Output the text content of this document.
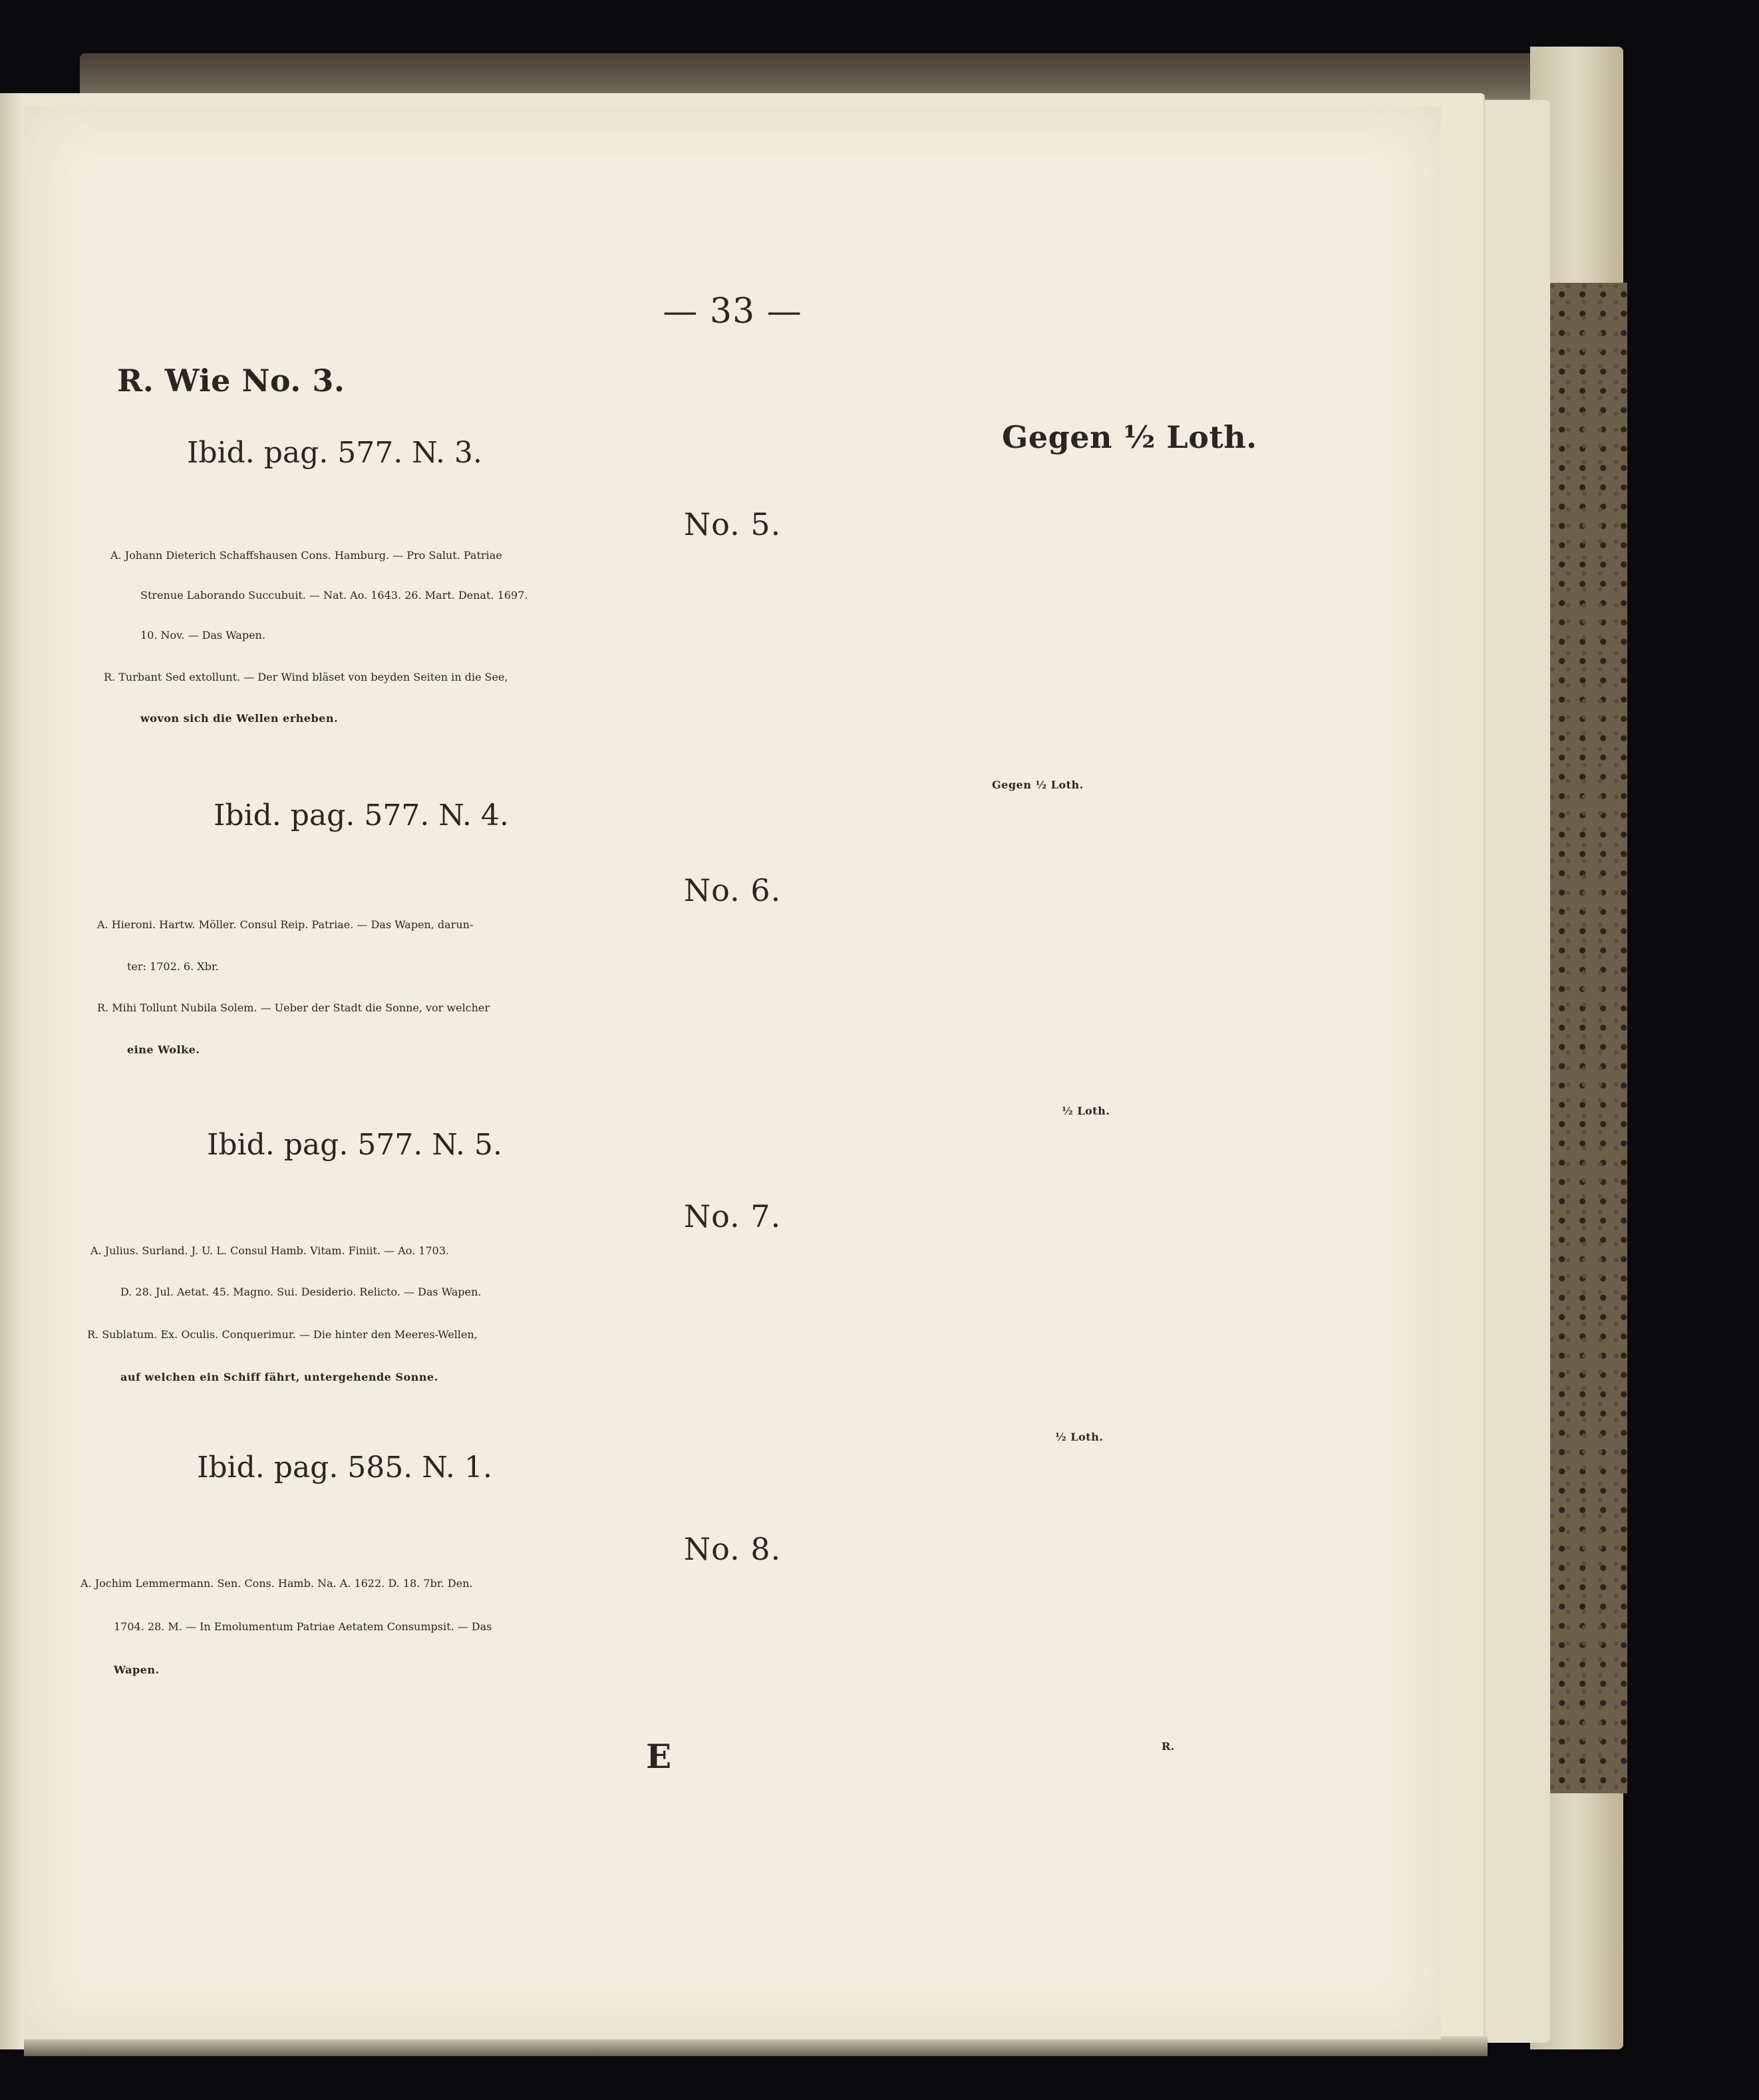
— 33 —
R. Wie No. 3.
Ibid. pag. 577. N. 3.	Gegen ½ Loth.
No. 5.
A. Johann Dieterich Schaffshausen Cons. Hamburg. — Pro Salut. Patriae
Strenue Laborando Succubuit. — Nat. Ao. 1643. 26. Mart. Denat. 1697.
10. Nov. — Das Wapen.
R. Turbant Sed extollunt. — Der Wind bläset von beyden Seiten in die See,
wovon sich die Wellen erheben.
Ibid. pag. 577. N. 4.
Gegen ½ Loth.
No. 6.
A. Hieroni. Hartw. Möller. Consul Reip. Patriae. — Das Wapen, darun-
ter: 1702. 6. Xbr.
R. Mihi Tollunt Nubila Solem. — Ueber der Stadt die Sonne, vor welcher
eine Wolke.
Ibid. pag. 577. N. 5.
½ Loth.
No. 7.
A. Julius. Surland. J. U. L. Consul Hamb. Vitam. Finiit. — Ao. 1703.
D. 28. Jul. Aetat. 45. Magno. Sui. Desiderio. Relicto. — Das Wapen.
R. Sublatum. Ex. Oculis. Conquerimur. — Die hinter den Meeres-Wellen,
auf welchen ein Schiff fährt, untergehende Sonne.
Ibid. pag. 585. N. 1.
½ Loth.
No. 8.
A. Jochim Lemmermann. Sen. Cons. Hamb. Na. A. 1622. D. 18. 7br. Den.
1704. 28. M. — In Emolumentum Patriae Aetatem Consumpsit. — Das
Wapen.
E	R.
